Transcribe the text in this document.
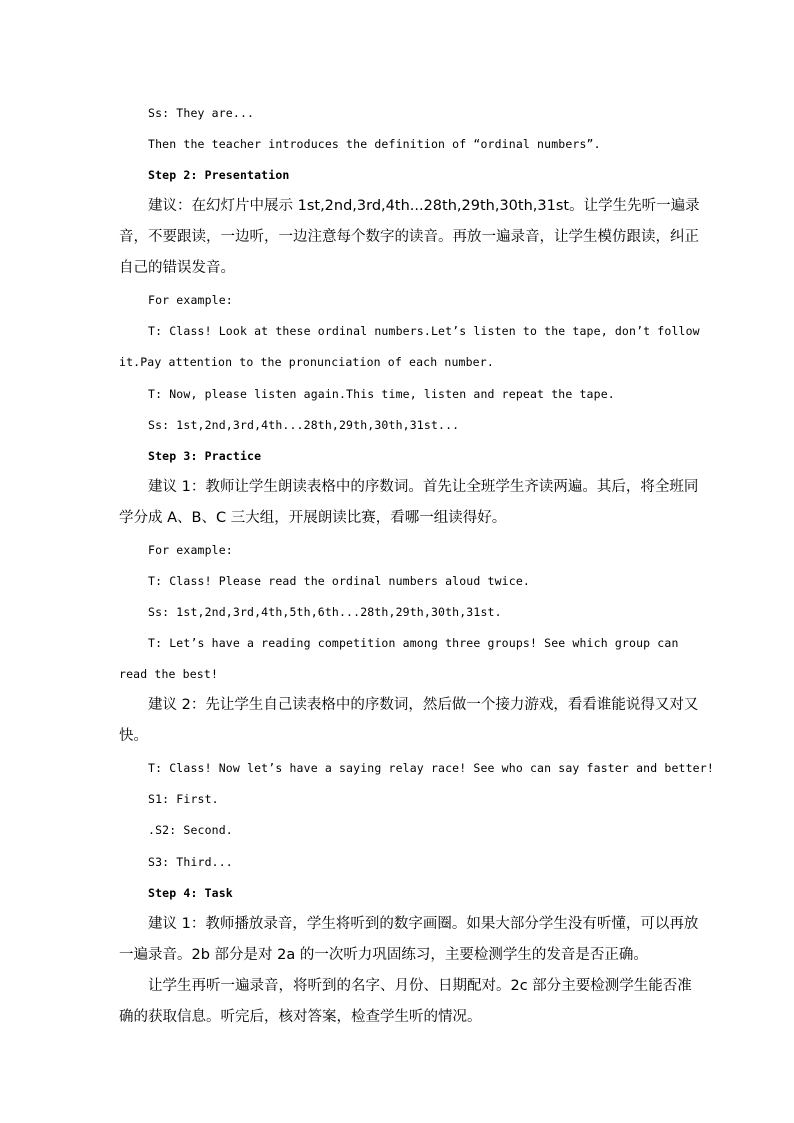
Ss: They are...
Then the teacher introduces the definition of “ordinal numbers”.
Step 2: Presentation
建议：在幻灯片中展示 1st,2nd,3rd,4th...28th,29th,30th,31st。让学生先听一遍录
音，不要跟读，一边听，一边注意每个数字的读音。再放一遍录音，让学生模仿跟读，纠正
自己的错误发音。
For example:
T: Class! Look at these ordinal numbers.Let’s listen to the tape, don’t follow
it.Pay attention to the pronunciation of each number.
T: Now, please listen again.This time, listen and repeat the tape.
Ss: 1st,2nd,3rd,4th...28th,29th,30th,31st...
Step 3: Practice
建议 1：教师让学生朗读表格中的序数词。首先让全班学生齐读两遍。其后，将全班同
学分成 A、B、C 三大组，开展朗读比赛，看哪一组读得好。
For example:
T: Class! Please read the ordinal numbers aloud twice.
Ss: 1st,2nd,3rd,4th,5th,6th...28th,29th,30th,31st.
T: Let’s have a reading competition among three groups! See which group can
read the best!
建议 2：先让学生自己读表格中的序数词，然后做一个接力游戏，看看谁能说得又对又
快。
T: Class! Now let’s have a saying relay race! See who can say faster and better!
S1: First.
.S2: Second.
S3: Third...
Step 4: Task
建议 1：教师播放录音，学生将听到的数字画圈。如果大部分学生没有听懂，可以再放
一遍录音。2b 部分是对 2a 的一次听力巩固练习，主要检测学生的发音是否正确。
让学生再听一遍录音，将听到的名字、月份、日期配对。2c 部分主要检测学生能否准
确的获取信息。听完后，核对答案，检查学生听的情况。
